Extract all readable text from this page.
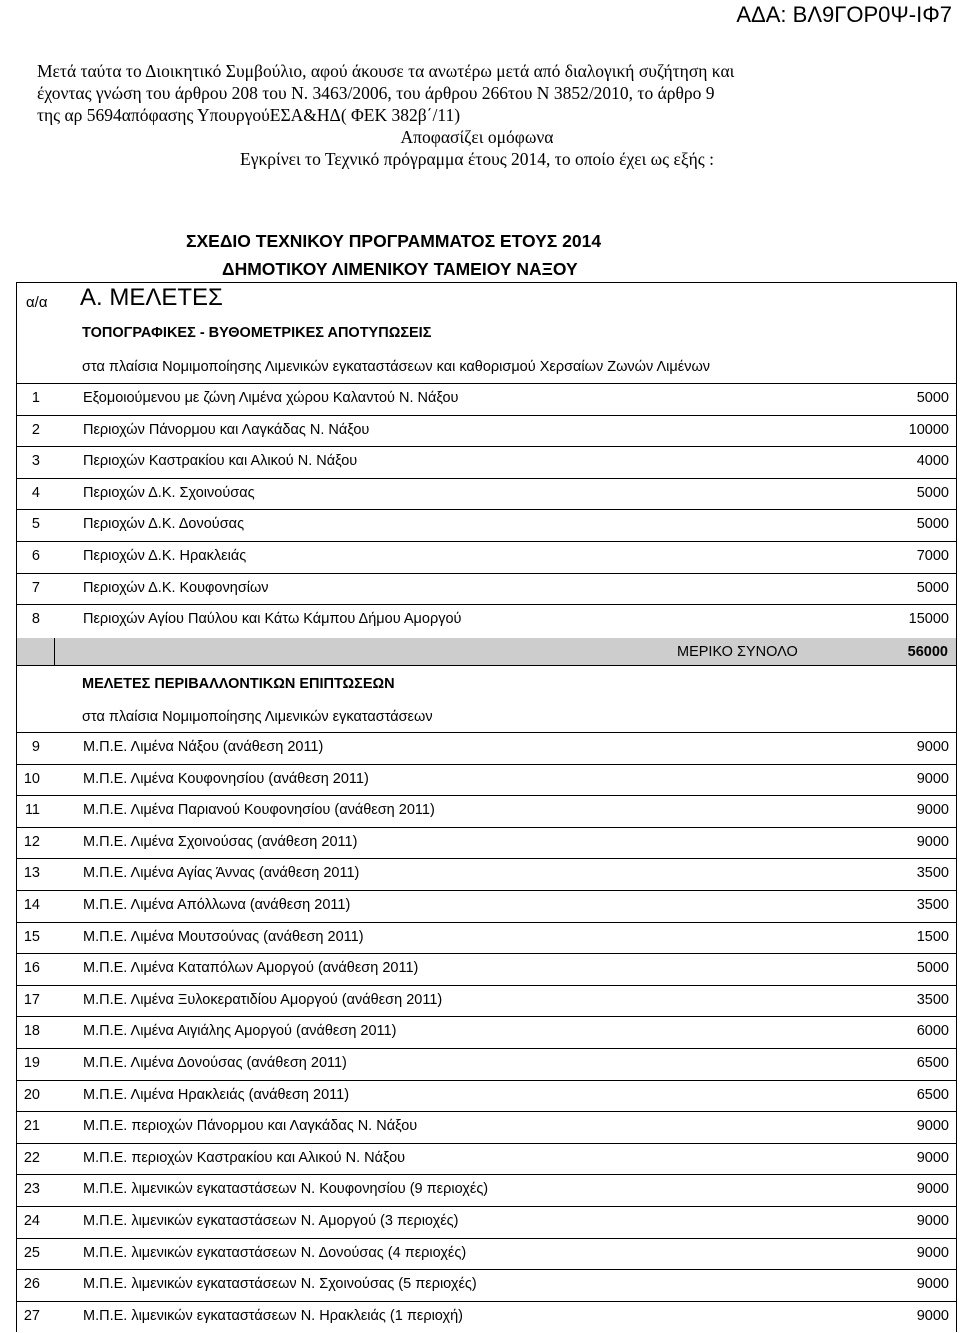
ΑΔΑ: ΒΛ9ΓΟΡ0Ψ-ΙΦ7
Μετά ταύτα το Διοικητικό Συμβούλιο, αφού άκουσε τα ανωτέρω μετά από διαλογική συζήτηση και
έχοντας γνώση του άρθρου 208 του Ν. 3463/2006, του άρθρου 266του Ν 3852/2010, το άρθρο 9
της αρ 5694απόφασης ΥπουργούΕΣΑ&ΗΔ( ΦΕΚ 382β΄/11)
Αποφασίζει ομόφωνα
Εγκρίνει το Τεχνικό πρόγραμμα έτους 2014, το οποίο έχει ως εξής :
ΣΧΕΔΙΟ ΤΕΧΝΙΚΟΥ ΠΡΟΓΡΑΜΜΑΤΟΣ ΕΤΟΥΣ 2014
ΔΗΜΟΤΙΚΟΥ ΛΙΜΕΝΙΚΟΥ ΤΑΜΕΙΟΥ ΝΑΞΟΥ
α/α Α. ΜΕΛΕΤΕΣ
ΤΟΠΟΓΡΑΦΙΚΕΣ - ΒΥΘΟΜΕΤΡΙΚΕΣ ΑΠΟΤΥΠΩΣΕΙΣ
στα πλαίσια Νομιμοποίησης Λιμενικών εγκαταστάσεων και καθορισμού Χερσαίων Ζωνών Λιμένων
1	Εξομοιούμενου με ζώνη Λιμένα χώρου Καλαντού Ν. Νάξου	5000
2	Περιοχών Πάνορμου και Λαγκάδας Ν. Νάξου	10000
3	Περιοχών Καστρακίου και Αλικού Ν. Νάξου	4000
4	Περιοχών Δ.Κ. Σχοινούσας	5000
5	Περιοχών Δ.Κ. Δονούσας	5000
6	Περιοχών Δ.Κ. Ηρακλειάς	7000
7	Περιοχών Δ.Κ. Κουφονησίων	5000
8	Περιοχών Αγίου Παύλου και Κάτω Κάμπου Δήμου Αμοργού	15000
ΜΕΡΙΚΟ ΣΥΝΟΛΟ	56000
ΜΕΛΕΤΕΣ ΠΕΡΙΒΑΛΛΟΝΤΙΚΩΝ ΕΠΙΠΤΩΣΕΩΝ
στα πλαίσια Νομιμοποίησης Λιμενικών εγκαταστάσεων
9	Μ.Π.Ε. Λιμένα Νάξου (ανάθεση 2011)	9000
10	Μ.Π.Ε. Λιμένα Κουφονησίου (ανάθεση 2011)	9000
11	Μ.Π.Ε. Λιμένα Παριανού Κουφονησίου (ανάθεση 2011)	9000
12	Μ.Π.Ε. Λιμένα Σχοινούσας (ανάθεση 2011)	9000
13	Μ.Π.Ε. Λιμένα Αγίας Άννας (ανάθεση 2011)	3500
14	Μ.Π.Ε. Λιμένα Απόλλωνα (ανάθεση 2011)	3500
15	Μ.Π.Ε. Λιμένα Μουτσούνας (ανάθεση 2011)	1500
16	Μ.Π.Ε. Λιμένα Καταπόλων Αμοργού (ανάθεση 2011)	5000
17	Μ.Π.Ε. Λιμένα Ξυλοκερατιδίου Αμοργού (ανάθεση 2011)	3500
18	Μ.Π.Ε. Λιμένα Αιγιάλης Αμοργού (ανάθεση 2011)	6000
19	Μ.Π.Ε. Λιμένα Δονούσας (ανάθεση 2011)	6500
20	Μ.Π.Ε. Λιμένα Ηρακλειάς (ανάθεση 2011)	6500
21	Μ.Π.Ε. περιοχών Πάνορμου και Λαγκάδας Ν. Νάξου	9000
22	Μ.Π.Ε. περιοχών Καστρακίου και Αλικού Ν. Νάξου	9000
23	Μ.Π.Ε. λιμενικών εγκαταστάσεων Ν. Κουφονησίου (9 περιοχές)	9000
24	Μ.Π.Ε. λιμενικών εγκαταστάσεων Ν. Αμοργού (3 περιοχές)	9000
25	Μ.Π.Ε. λιμενικών εγκαταστάσεων Ν. Δονούσας (4 περιοχές)	9000
26	Μ.Π.Ε. λιμενικών εγκαταστάσεων Ν. Σχοινούσας (5 περιοχές)	9000
27	Μ.Π.Ε. λιμενικών εγκαταστάσεων Ν. Ηρακλειάς (1 περιοχή)	9000
